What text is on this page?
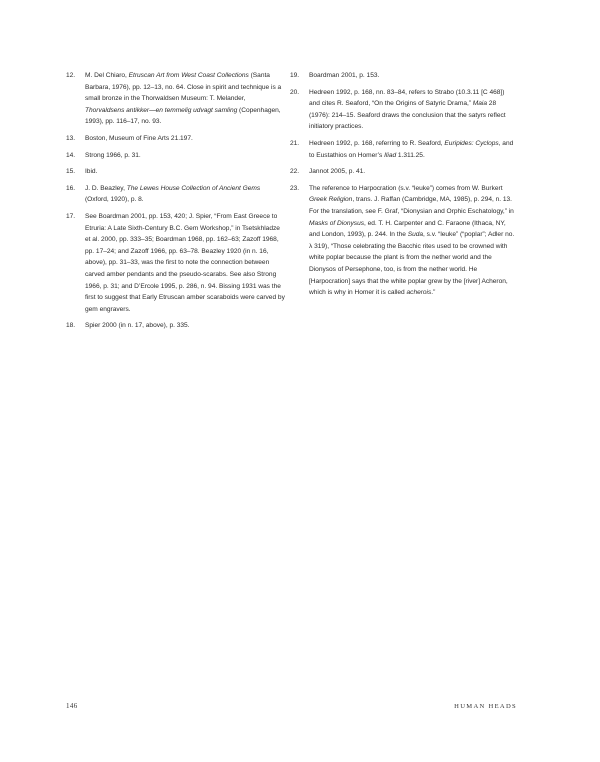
12.	M. Del Chiaro, Etruscan Art from West Coast Collections (Santa Barbara, 1976), pp. 12–13, no. 64. Close in spirit and technique is a small bronze in the Thorwaldsen Museum: T. Melander, Thorvaldsens antikker—en temmelig udvagt samling (Copenhagen, 1993), pp. 116–17, no. 93.
13.	Boston, Museum of Fine Arts 21.197.
14.	Strong 1966, p. 31.
15.	Ibid.
16.	J. D. Beazley, The Lewes House Collection of Ancient Gems (Oxford, 1920), p. 8.
17.	See Boardman 2001, pp. 153, 420; J. Spier, “From East Greece to Etruria: A Late Sixth-Century B.C. Gem Workshop,” in Tsetskhladze et al. 2000, pp. 333–35; Boardman 1968, pp. 162–63; Zazoff 1968, pp. 17–24; and Zazoff 1966, pp. 63–78. Beazley 1920 (in n. 16, above), pp. 31–33, was the first to note the connection between carved amber pendants and the pseudo-scarabs. See also Strong 1966, p. 31; and D’Ercole 1995, p. 286, n. 94. Bissing 1931 was the first to suggest that Early Etruscan amber scaraboids were carved by gem engravers.
18.	Spier 2000 (in n. 17, above), p. 335.
19.	Boardman 2001, p. 153.
20.	Hedreen 1992, p. 168, nn. 83–84, refers to Strabo (10.3.11 [C 468]) and cites R. Seaford, “On the Origins of Satyric Drama,” Maia 28 (1976): 214–15. Seaford draws the conclusion that the satyrs reflect initiatory practices.
21.	Hedreen 1992, p. 168, referring to R. Seaford, Euripides: Cyclops, and to Eustathios on Homer’s Iliad 1.311.25.
22.	Jannot 2005, p. 41.
23.	The reference to Harpocration (s.v. “leuke”) comes from W. Burkert Greek Religion, trans. J. Raffan (Cambridge, MA, 1985), p. 294, n. 13. For the translation, see F. Graf, “Dionysian and Orphic Eschatology,” in Masks of Dionysus, ed. T. H. Carpenter and C. Faraone (Ithaca, NY, and London, 1993), p. 244. In the Suda, s.v. “leuke” (“poplar”; Adler no. λ 319), “Those celebrating the Bacchic rites used to be crowned with white poplar because the plant is from the nether world and the Dionysos of Persephone, too, is from the nether world. He [Harpocration] says that the white poplar grew by the [river] Acheron, which is why in Homer it is called acherois.”
146	HUMAN HEADS
